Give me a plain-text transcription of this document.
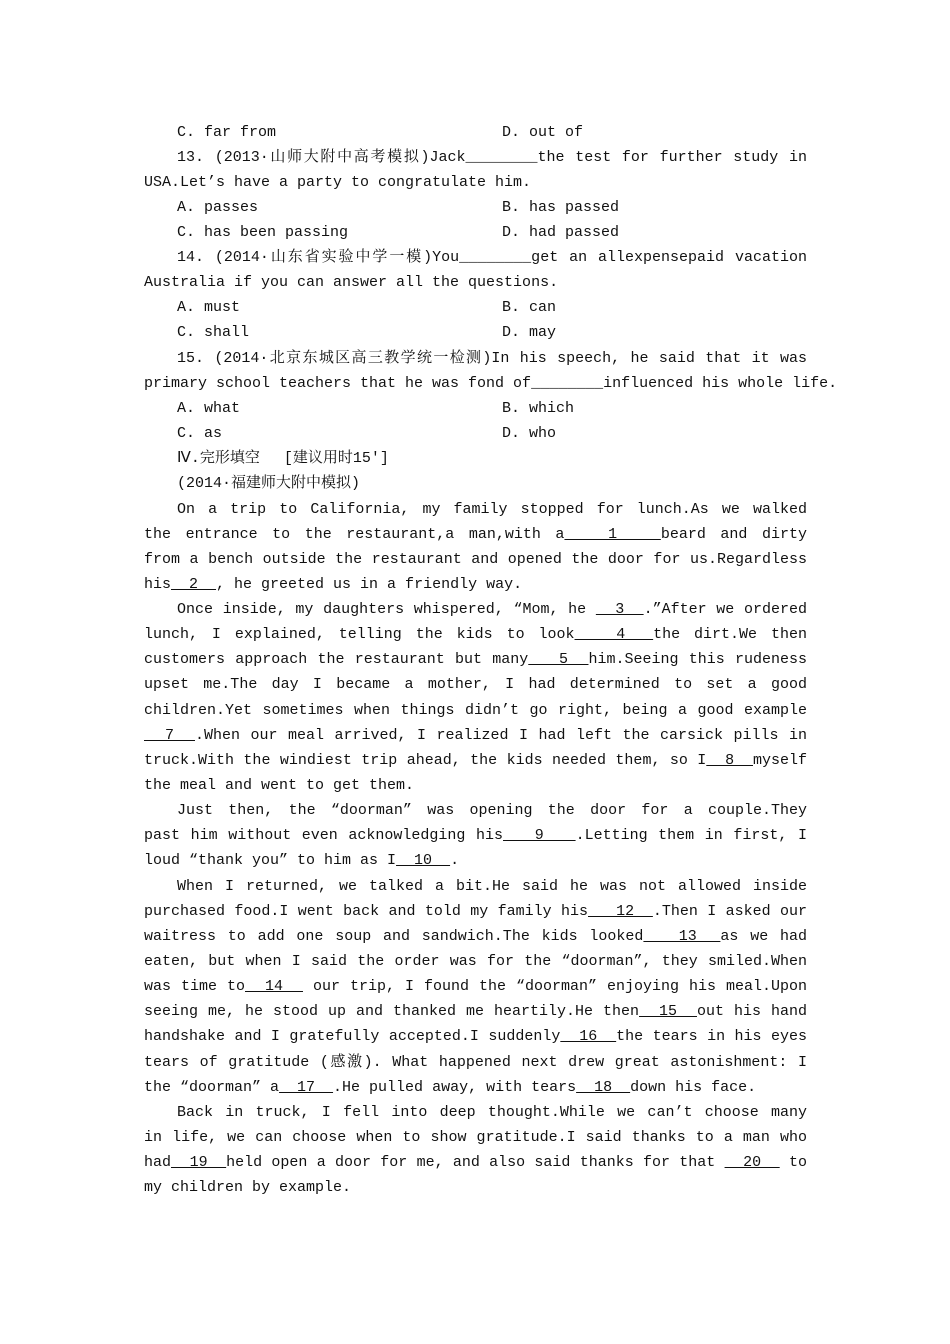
C. far from	D. out of
13. (2013·山师大附中高考模拟)Jack________the test for further study in
USA.Let’s have a party to congratulate him.
A. passes	B. has passed
C. has been passing	D. had passed
14. (2014·山东省实验中学一模)You________get an allexpensepaid vacation
Australia if you can answer all the questions.
A. must	B. can
C. shall	D. may
15. (2014·北京东城区高三教学统一检测)In his speech, he said that it was
primary school teachers that he was fond of________influenced his whole life.
A. what	B. which
C. as	D. who
Ⅳ.完形填空　 [建议用时15′]
(2014·福建师大附中模拟)
On a trip to California, my family stopped for lunch.As we walked
the entrance to the restaurant,a man,with a   1   beard and dirty
from a bench outside the restaurant and opened the door for us.Regardless
his  2  , he greeted us in a friendly way.
Once inside, my daughters whispered, “Mom, he   3  .”After we ordered
lunch, I explained, telling the kids to look   4  the dirt.We then
customers approach the restaurant but many   5  him.Seeing this rudeness
upset me.The day I became a mother, I had determined to set a good
children.Yet sometimes when things didn’t go right, being a good example
7  .When our meal arrived, I realized I had left the carsick pills in
truck.With the windiest trip ahead, the kids needed them, so I  8  myself
the meal and went to get them.
Just then, the “doorman” was opening the door for a couple.They
past him without even acknowledging his   9   .Letting them in first, I
loud “thank you” to him as I  10  .
When I returned, we talked a bit.He said he was not allowed inside
purchased food.I went back and told my family his   12  .Then I asked our
waitress to add one soup and sandwich.The kids looked   13  as we had
eaten, but when I said the order was for the “doorman”, they smiled.When
was time to  14   our trip, I found the “doorman” enjoying his meal.Upon
seeing me, he stood up and thanked me heartily.He then  15  out his hand
handshake and I gratefully accepted.I suddenly  16  the tears in his eyes
tears of gratitude (感激). What happened next drew great astonishment: I
the “doorman” a  17  .He pulled away, with tears  18  down his face.
Back in truck, I fell into deep thought.While we can’t choose many
in life, we can choose when to show gratitude.I said thanks to a man who
had  19  held open a door for me, and also said thanks for that   20   to
my children by example.
